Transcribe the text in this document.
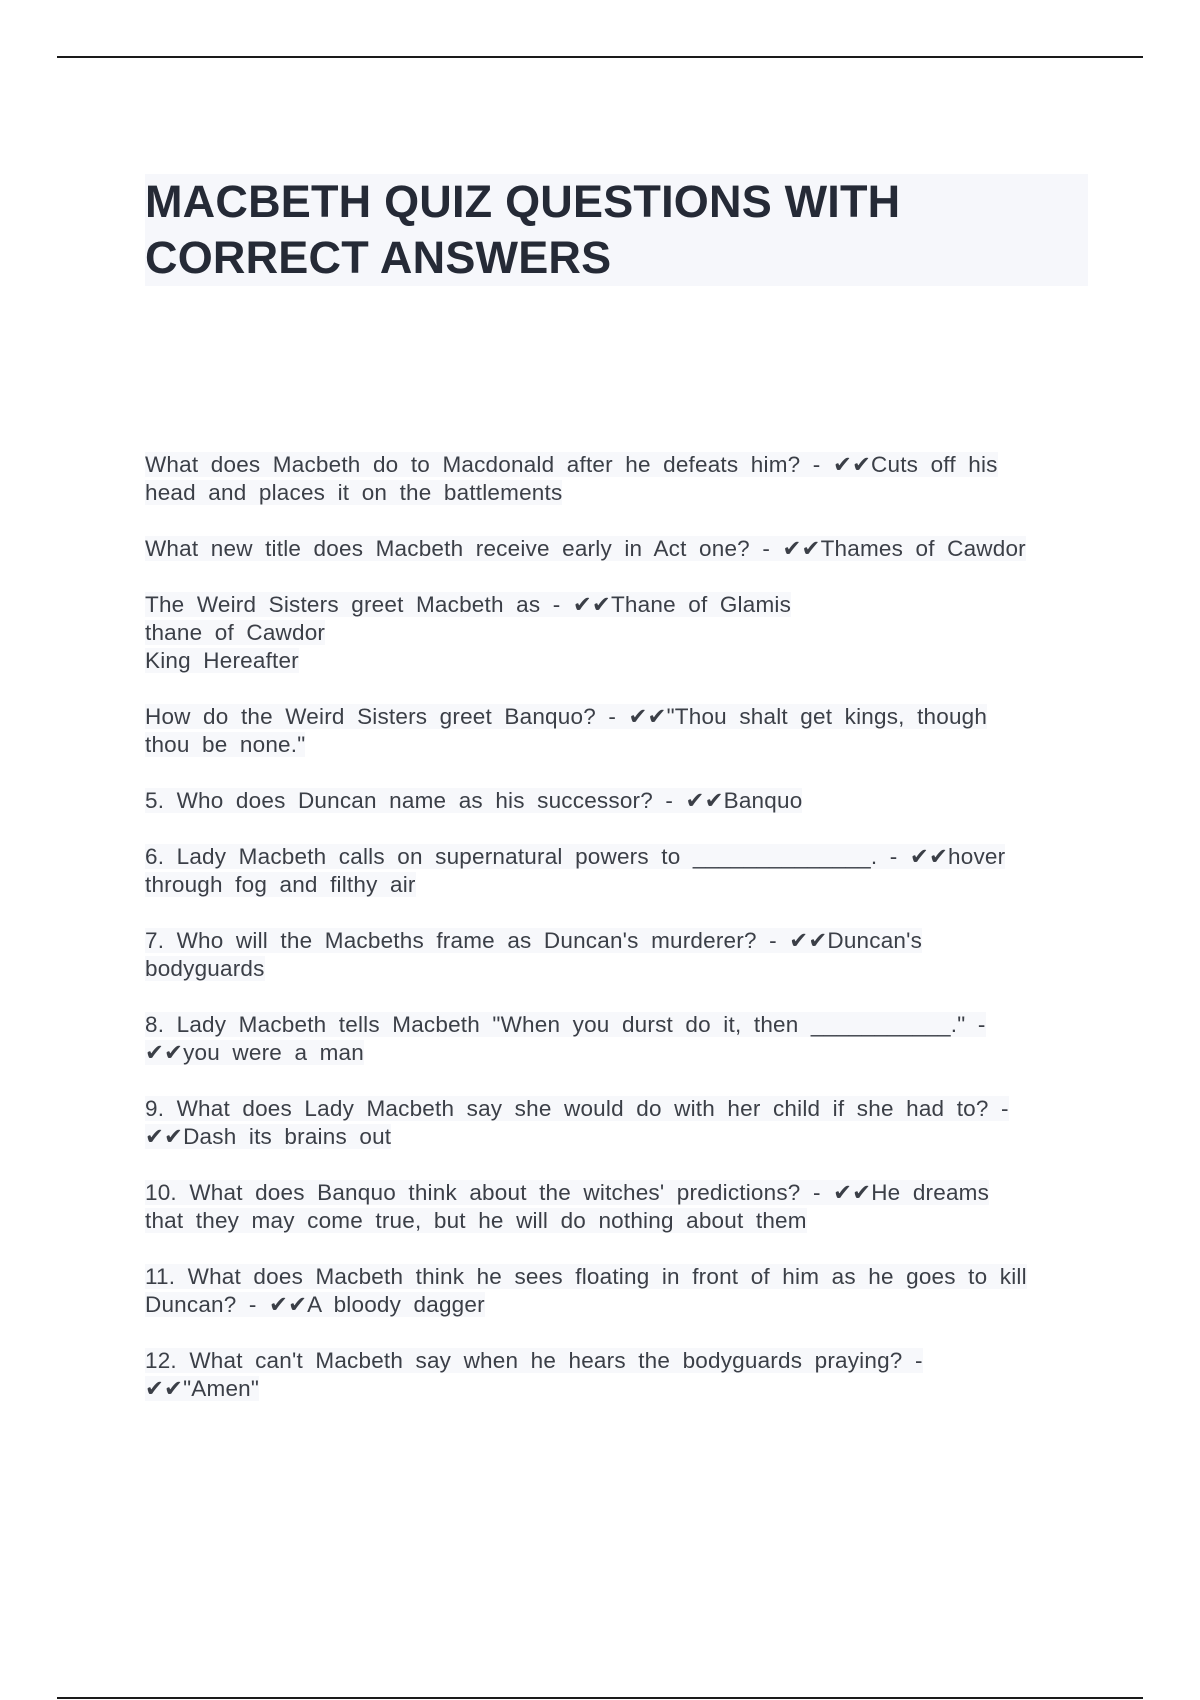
MACBETH QUIZ QUESTIONS WITH
CORRECT ANSWERS
What does Macbeth do to Macdonald after he defeats him? - ✔✔Cuts off his
head and places it on the battlements
What new title does Macbeth receive early in Act one? - ✔✔Thames of Cawdor
The Weird Sisters greet Macbeth as - ✔✔Thane of Glamis
thane of Cawdor
King Hereafter
How do the Weird Sisters greet Banquo? - ✔✔"Thou shalt get kings, though
thou be none."
5. Who does Duncan name as his successor? - ✔✔Banquo
6. Lady Macbeth calls on supernatural powers to ______________. - ✔✔hover
through fog and filthy air
7. Who will the Macbeths frame as Duncan's murderer? - ✔✔Duncan's
bodyguards
8. Lady Macbeth tells Macbeth "When you durst do it, then ___________." -
✔✔you were a man
9. What does Lady Macbeth say she would do with her child if she had to? -
✔✔Dash its brains out
10. What does Banquo think about the witches' predictions? - ✔✔He dreams
that they may come true, but he will do nothing about them
11. What does Macbeth think he sees floating in front of him as he goes to kill
Duncan? - ✔✔A bloody dagger
12. What can't Macbeth say when he hears the bodyguards praying? -
✔✔"Amen"
